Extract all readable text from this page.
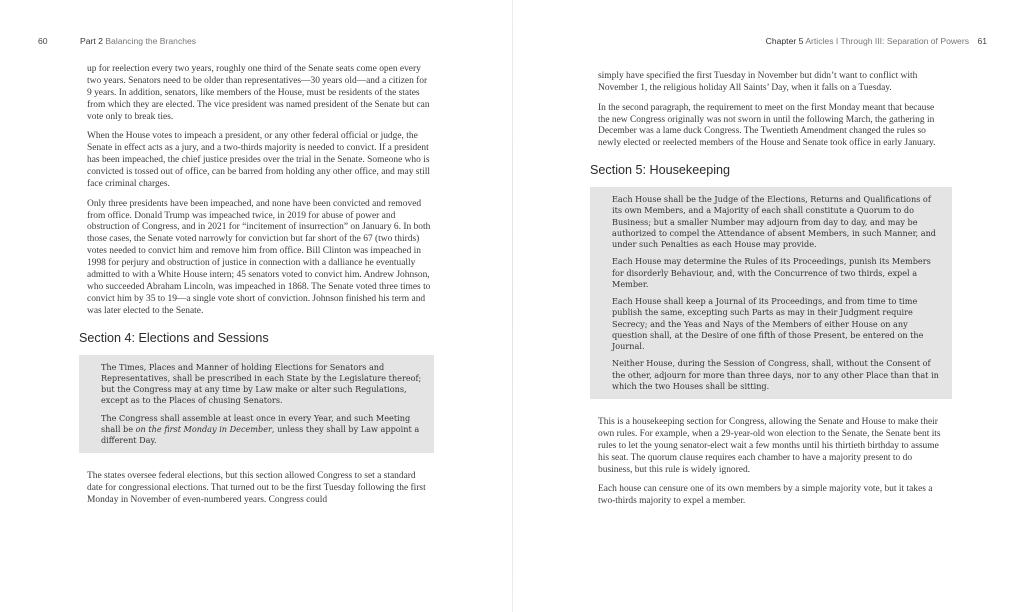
60	Part 2 Balancing the Branches	Chapter 5 Articles I Through III: Separation of Powers 61

up for reelection every two years, roughly one third of the Senate seats come open every two years. Senators need to be older than representatives—30 years old—and a citizen for 9 years. In addition, senators, like members of the House, must be residents of the states from which they are elected. The vice president was named president of the Senate but can vote only to break ties.

When the House votes to impeach a president, or any other federal official or judge, the Senate in effect acts as a jury, and a two-thirds majority is needed to convict. If a president has been impeached, the chief justice presides over the trial in the Senate. Someone who is convicted is tossed out of office, can be barred from holding any other office, and may still face criminal charges.

Only three presidents have been impeached, and none have been convicted and removed from office. Donald Trump was impeached twice, in 2019 for abuse of power and obstruction of Congress, and in 2021 for “incitement of insurrection” on January 6. In both those cases, the Senate voted narrowly for conviction but far short of the 67 (two thirds) votes needed to convict him and remove him from office. Bill Clinton was impeached in 1998 for perjury and obstruction of justice in connection with a dalliance he eventually admitted to with a White House intern; 45 senators voted to convict him. Andrew Johnson, who succeeded Abraham Lincoln, was impeached in 1868. The Senate voted three times to convict him by 35 to 19—a single vote short of conviction. Johnson finished his term and was later elected to the Senate.

Section 4: Elections and Sessions

The Times, Places and Manner of holding Elections for Senators and Representatives, shall be prescribed in each State by the Legislature thereof; but the Congress may at any time by Law make or alter such Regulations, except as to the Places of chusing Senators.

The Congress shall assemble at least once in every Year, and such Meeting shall be on the first Monday in December, unless they shall by Law appoint a different Day.

The states oversee federal elections, but this section allowed Congress to set a standard date for congressional elections. That turned out to be the first Tuesday following the first Monday in November of even-numbered years. Congress could

simply have specified the first Tuesday in November but didn’t want to conflict with November 1, the religious holiday All Saints’ Day, when it falls on a Tuesday.

In the second paragraph, the requirement to meet on the first Monday meant that because the new Congress originally was not sworn in until the following March, the gathering in December was a lame duck Congress. The Twentieth Amendment changed the rules so newly elected or reelected members of the House and Senate took office in early January.

Section 5: Housekeeping

Each House shall be the Judge of the Elections, Returns and Qualifications of its own Members, and a Majority of each shall constitute a Quorum to do Business; but a smaller Number may adjourn from day to day, and may be authorized to compel the Attendance of absent Members, in such Manner, and under such Penalties as each House may provide.

Each House may determine the Rules of its Proceedings, punish its Members for disorderly Behaviour, and, with the Concurrence of two thirds, expel a Member.

Each House shall keep a Journal of its Proceedings, and from time to time publish the same, excepting such Parts as may in their Judgment require Secrecy; and the Yeas and Nays of the Members of either House on any question shall, at the Desire of one fifth of those Present, be entered on the Journal.

Neither House, during the Session of Congress, shall, without the Consent of the other, adjourn for more than three days, nor to any other Place than that in which the two Houses shall be sitting.

This is a housekeeping section for Congress, allowing the Senate and House to make their own rules. For example, when a 29-year-old won election to the Senate, the Senate bent its rules to let the young senator-elect wait a few months until his thirtieth birthday to assume his seat. The quorum clause requires each chamber to have a majority present to do business, but this rule is widely ignored.

Each house can censure one of its own members by a simple majority vote, but it takes a two-thirds majority to expel a member.
